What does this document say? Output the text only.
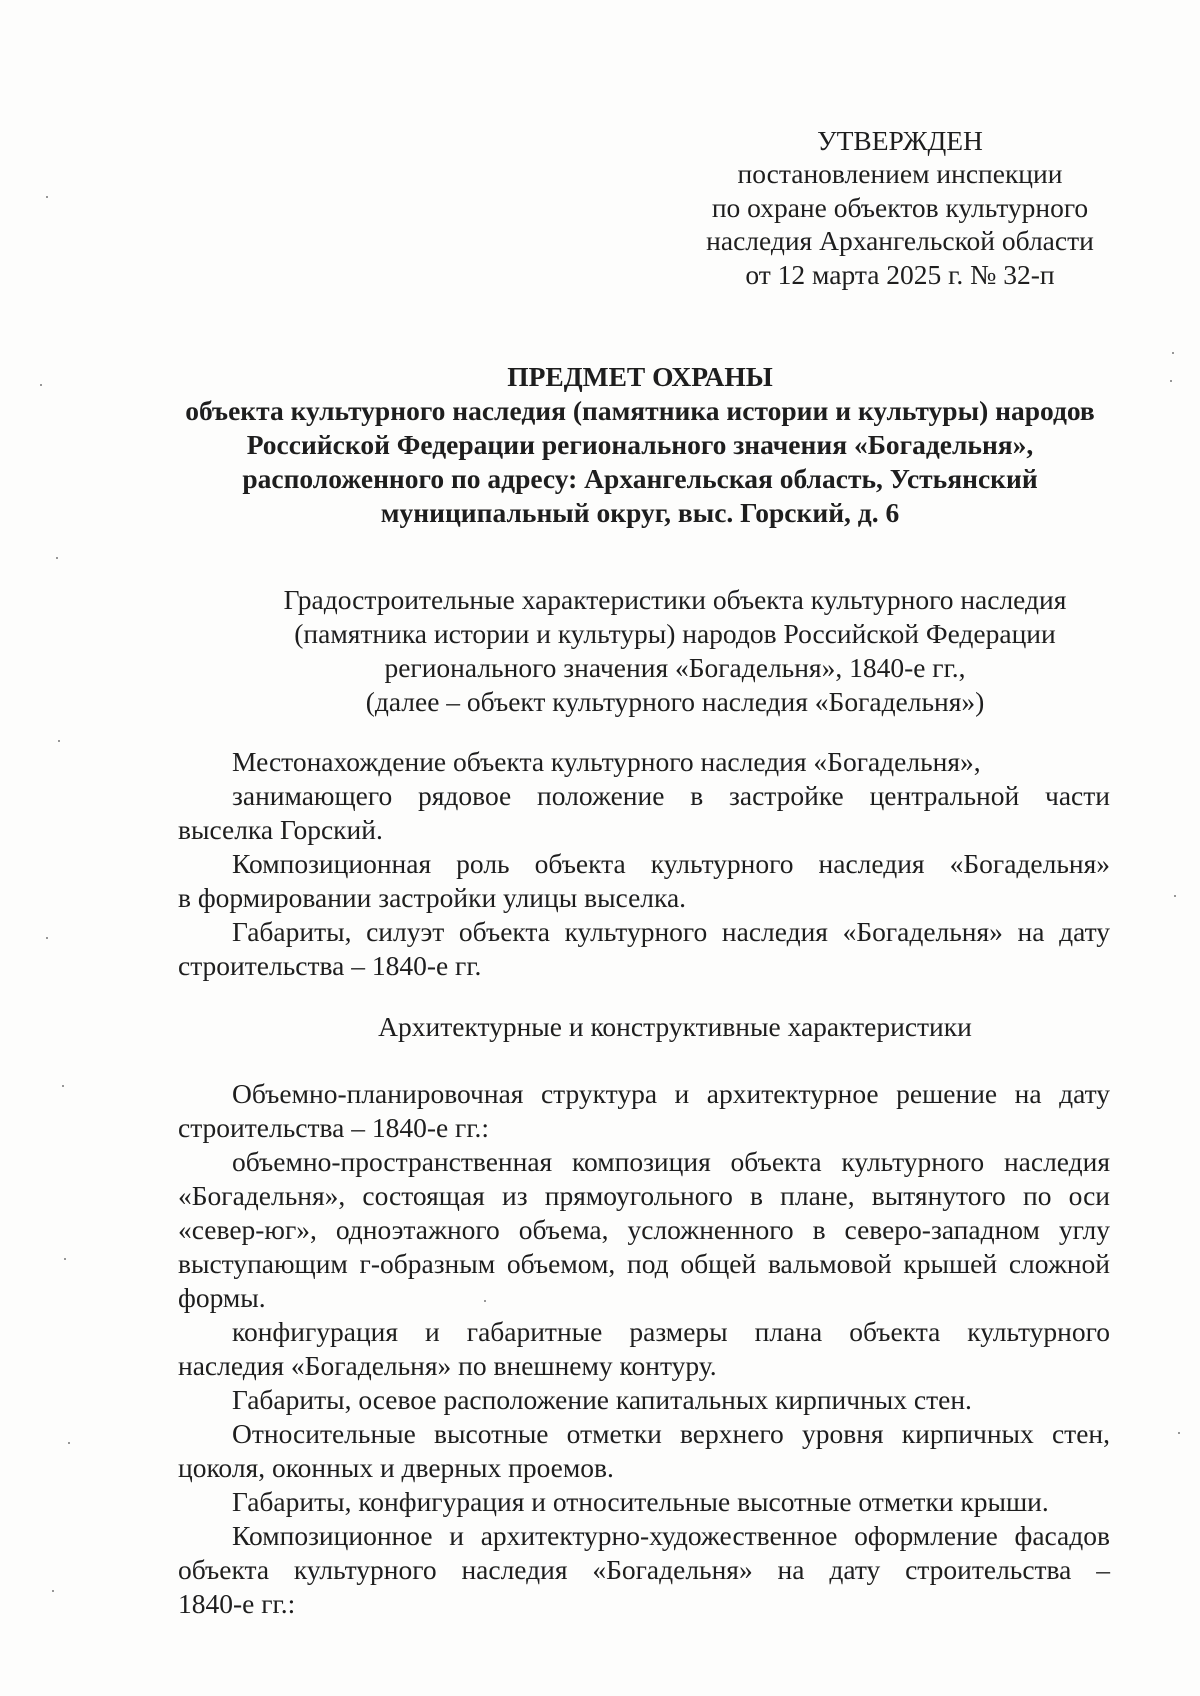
УТВЕРЖДЕН
постановлением инспекции
по охране объектов культурного
наследия Архангельской области
от 12 марта 2025 г. № 32-п
ПРЕДМЕТ ОХРАНЫ
объекта культурного наследия (памятника истории и культуры) народов
Российской Федерации регионального значения «Богадельня»,
расположенного по адресу: Архангельская область, Устьянский
муниципальный округ, выс. Горский, д. 6
Градостроительные характеристики объекта культурного наследия
(памятника истории и культуры) народов Российской Федерации
регионального значения «Богадельня», 1840-е гг.,
(далее – объект культурного наследия «Богадельня»)
Местонахождение объекта культурного наследия «Богадельня»,
занимающего рядовое положение в застройке центральной части
выселка Горский.
Композиционная роль объекта культурного наследия «Богадельня»
в формировании застройки улицы выселка.
Габариты, силуэт объекта культурного наследия «Богадельня» на дату
строительства – 1840-е гг.
Архитектурные и конструктивные характеристики
Объемно-планировочная структура и архитектурное решение на дату
строительства – 1840-е гг.:
объемно-пространственная композиция объекта культурного наследия
«Богадельня», состоящая из прямоугольного в плане, вытянутого по оси
«север-юг», одноэтажного объема, усложненного в северо-западном углу
выступающим г-образным объемом, под общей вальмовой крышей сложной
формы.
конфигурация и габаритные размеры плана объекта культурного
наследия «Богадельня» по внешнему контуру.
Габариты, осевое расположение капитальных кирпичных стен.
Относительные высотные отметки верхнего уровня кирпичных стен,
цоколя, оконных и дверных проемов.
Габариты, конфигурация и относительные высотные отметки крыши.
Композиционное и архитектурно-художественное оформление фасадов
объекта культурного наследия «Богадельня» на дату строительства –
1840-е гг.:
